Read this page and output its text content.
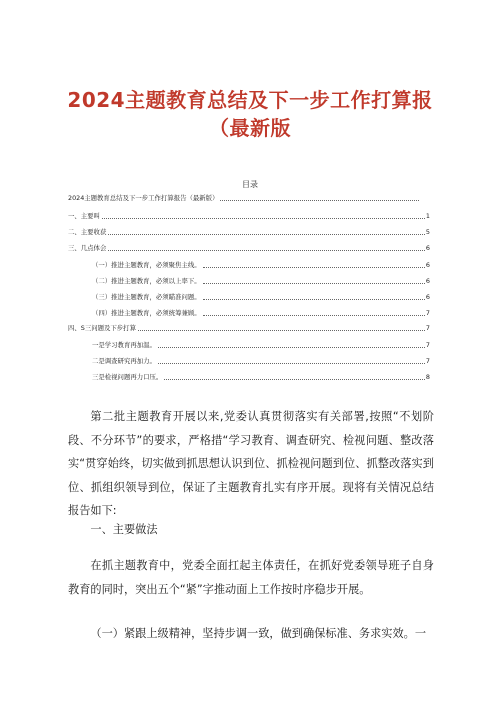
2024主题教育总结及下一步工作打算报
（最新版
目录
2024主题教育总结及下一步工作打算报告（最新版）
一、主要叫	1
二、主要收获	5
三、几点体会	6
（一）推进主题教育，必须聚焦主线。	6
（二）推进主题教育，必须以上率下。	6
（三）推进主题教育，必须瞄准问题。	6
（四）推进主题教育，必须统筹兼顾。	7
四、S三问题及下步打算	7
一是学习教育再加温。	7
二是调查研究再加力。	7
三是检视问题再力口压。	8

第二批主题教育开展以来,党委认真贯彻落实有关部署,按照“不划阶段、不分环节”的要求，严格措“学习教育、调查研究、检视问题、整改落实“贯穿始终，切实做到抓思想认识到位、抓检视问题到位、抓整改落实到位、抓组织领导到位，保证了主题教育扎实有序开展。现将有关情况总结报告如下:

一、主要做法

在抓主题教育中，党委全面扛起主体责任，在抓好党委领导班子自身教育的同时，突出五个“紧”字推动面上工作按时序稳步开展。

（一）紧跟上级精神，坚持步调一致，做到确保标准、务求实效。一
